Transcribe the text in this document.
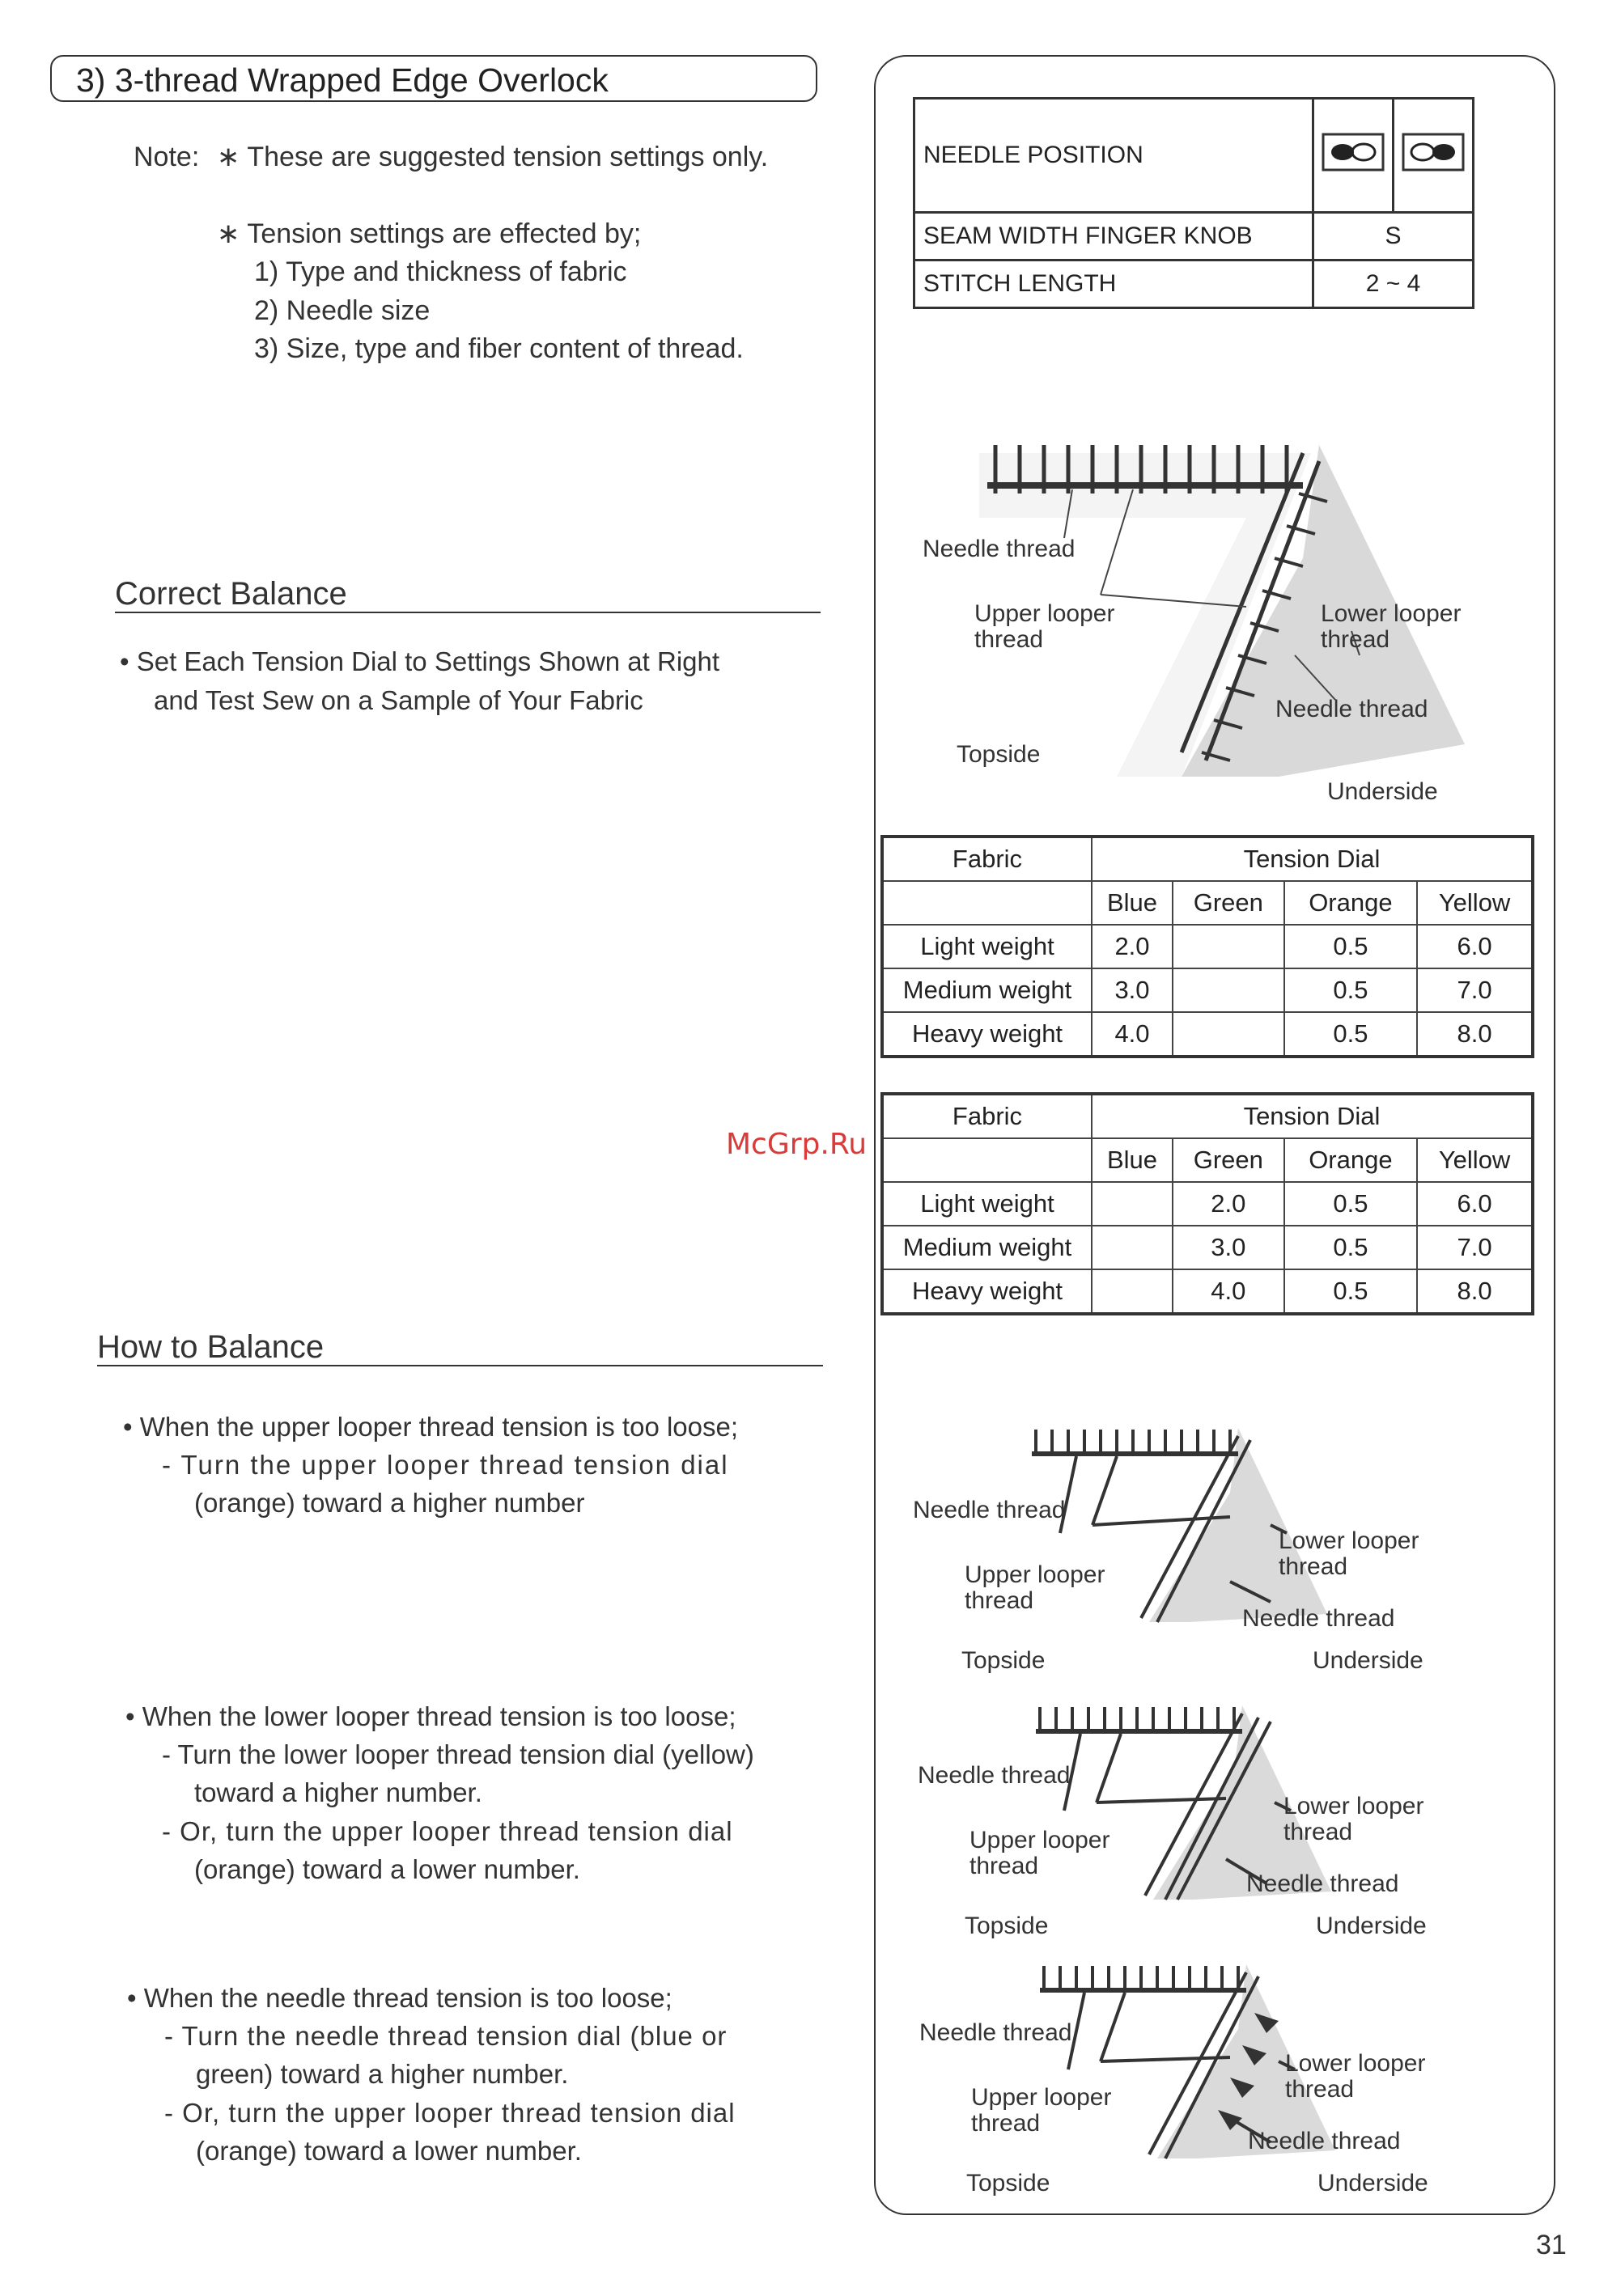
3) 3-thread Wrapped Edge Overlock
Note: ∗ These are suggested tension settings only.
∗ Tension settings are effected by;
1) Type and thickness of fabric
2) Needle size
3) Size, type and fiber content of thread.
Correct Balance
• Set Each Tension Dial to Settings Shown at Right
and Test Sew on a Sample of Your Fabric
How to Balance
• When the upper looper thread tension is too loose;
- Turn the upper looper thread tension dial
(orange) toward a higher number
• When the lower looper thread tension is too loose;
- Turn the lower looper thread tension dial (yellow)
toward a higher number.
- Or, turn the upper looper thread tension dial
(orange) toward a lower number.
• When the needle thread tension is too loose;
- Turn the needle thread tension dial (blue or
green) toward a higher number.
- Or, turn the upper looper thread tension dial
(orange) toward a lower number.
NEEDLE POSITION		
SEAM WIDTH FINGER KNOB	S	
STITCH LENGTH	2 ~ 4	
Needle thread
Upper looper
thread
Lower looper
thread
Needle thread
Topside
Underside
Fabric	Tension Dial			
	Blue	Green	Orange	Yellow
Light weight	2.0		0.5	6.0
Medium weight	3.0		0.5	7.0
Heavy weight	4.0		0.5	8.0
Fabric	Tension Dial			
	Blue	Green	Orange	Yellow
Light weight		2.0	0.5	6.0
Medium weight		3.0	0.5	7.0
Heavy weight		4.0	0.5	8.0
McGrp.Ru
Needle thread
Upper looper
thread
Lower looper
thread
Needle thread
Topside	Underside
Needle thread
Upper looper
thread
Lower looper
thread
Needle thread
Topside	Underside
Needle thread
Upper looper
thread
Lower looper
thread
Needle thread
Topside	Underside
31
